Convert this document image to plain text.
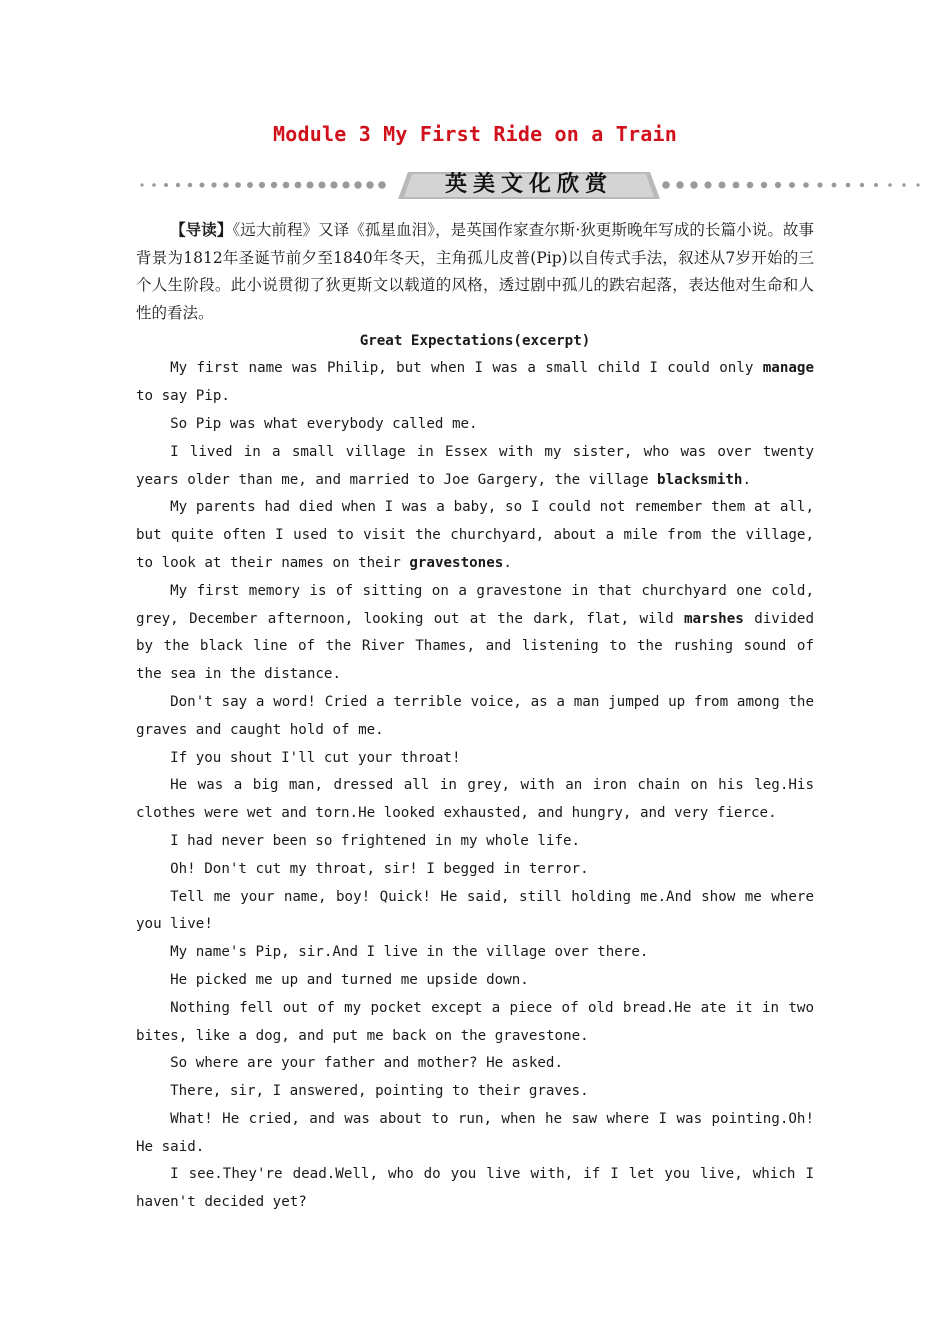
Module 3 My First Ride on a Train
英美文化欣赏

【导读】《远大前程》又译《孤星血泪》，是英国作家查尔斯·狄更斯晚年写成的长篇小说。故事背景为1812年圣诞节前夕至1840年冬天，主角孤儿皮普(Pip)以自传式手法，叙述从7岁开始的三个人生阶段。此小说贯彻了狄更斯文以载道的风格，透过剧中孤儿的跌宕起落，表达他对生命和人性的看法。

Great Expectations(excerpt)

My first name was Philip, but when I was a small child I could only manage to say Pip.

So Pip was what everybody called me.

I lived in a small village in Essex with my sister, who was over twenty years older than me, and married to Joe Gargery, the village blacksmith.

My parents had died when I was a baby, so I could not remember them at all, but quite often I used to visit the churchyard, about a mile from the village, to look at their names on their gravestones.

My first memory is of sitting on a gravestone in that churchyard one cold, grey, December afternoon, looking out at the dark, flat, wild marshes divided by the black line of the River Thames, and listening to the rushing sound of the sea in the distance.

Don't say a word! Cried a terrible voice, as a man jumped up from among the graves and caught hold of me.

If you shout I'll cut your throat!

He was a big man, dressed all in grey, with an iron chain on his leg.His clothes were wet and torn.He looked exhausted, and hungry, and very fierce.

I had never been so frightened in my whole life.

Oh! Don't cut my throat, sir! I begged in terror.

Tell me your name, boy! Quick! He said, still holding me.And show me where you live!

My name's Pip, sir.And I live in the village over there.

He picked me up and turned me upside down.

Nothing fell out of my pocket except a piece of old bread.He ate it in two bites, like a dog, and put me back on the gravestone.

So where are your father and mother? He asked.

There, sir, I answered, pointing to their graves.

What! He cried, and was about to run, when he saw where I was pointing.Oh! He said.

I see.They're dead.Well, who do you live with, if I let you live, which I haven't decided yet?
